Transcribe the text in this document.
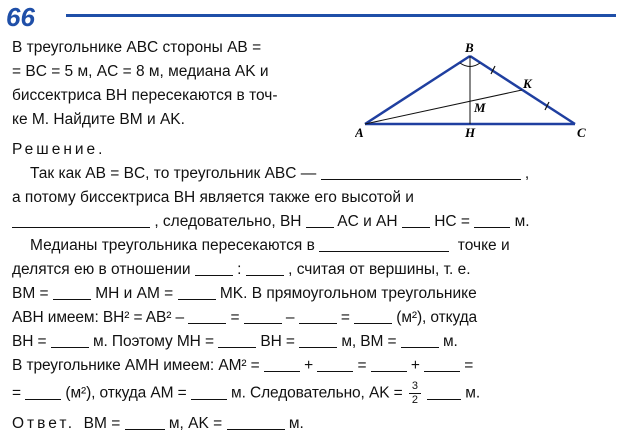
66
В треугольнике ABC стороны AB =
= BC = 5 м, AC = 8 м, медиана AK и
биссектриса BH пересекаются в точ-
ке M. Найдите BM и AK.
A
B
C
H
K
M
Решение.
Так как AB = BC, то треугольник ABC —	,
а потому биссектриса BH является также его высотой и
, следовательно, BH AC и AH HC =	м.
Медианы треугольника пересекаются в	точке и
делятся ею в отношении	:	, считая от вершины, т. е.
BM =	MH и AM =	MK. В прямоугольном треугольнике
ABH имеем: BH² = AB² –	=	–	=	(м²), откуда
BH =	м. Поэтому MH =	BH =	м, BM =	м.
В треугольнике AMH имеем: AM² =	+	=	+	=
=	(м²), откуда AM =	м. Следовательно, AK = $\frac{3}{2}$	м.
Ответ. BM =	м, AK =	м.
